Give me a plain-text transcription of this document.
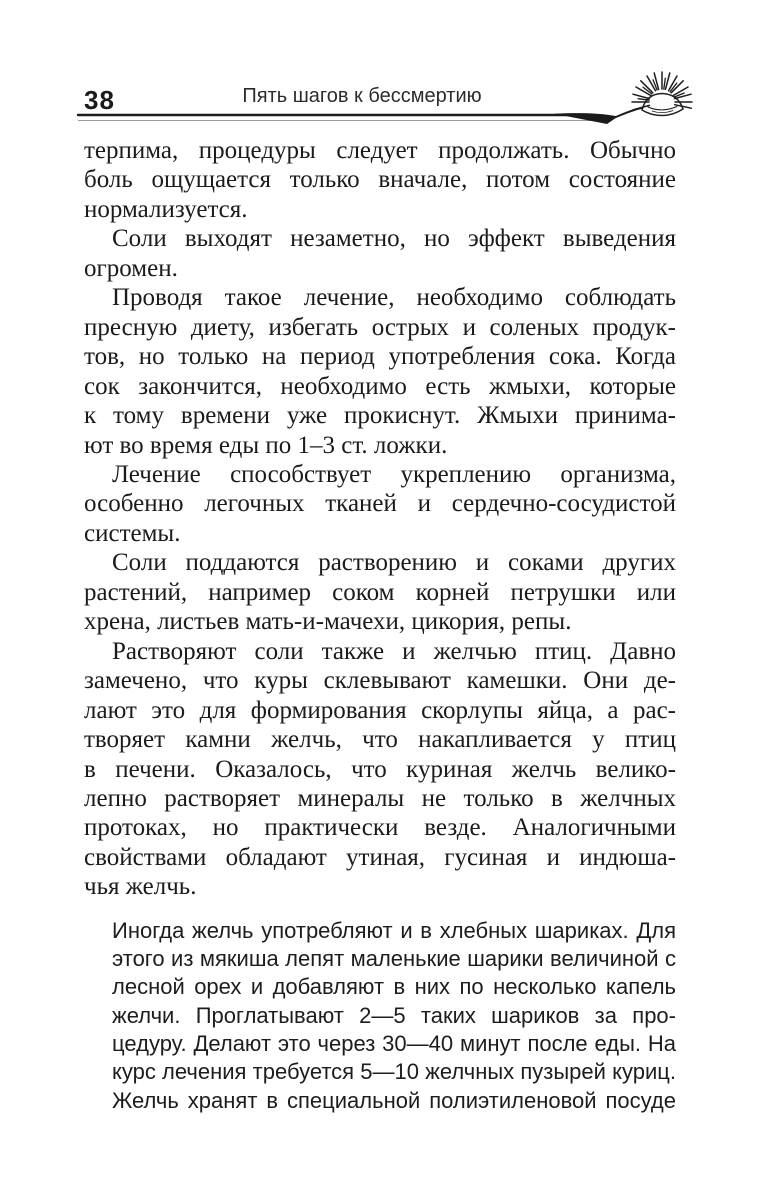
38	Пять шагов к бессмертию
терпима, процедуры следует продолжать. Обычно
боль ощущается только вначале, потом состояние
нормализуется.
Соли выходят незаметно, но эффект выведения
огромен.
Проводя такое лечение, необходимо соблюдать
пресную диету, избегать острых и соленых продук-
тов, но только на период употребления сока. Когда
сок закончится, необходимо есть жмыхи, которые
к тому времени уже прокиснут. Жмыхи принима-
ют во время еды по 1–3 ст. ложки.
Лечение способствует укреплению организма,
особенно легочных тканей и сердечно-сосудистой
системы.
Соли поддаются растворению и соками других
растений, например соком корней петрушки или
хрена, листьев мать-и-мачехи, цикория, репы.
Растворяют соли также и желчью птиц. Давно
замечено, что куры склевывают камешки. Они де-
лают это для формирования скорлупы яйца, а рас-
творяет камни желчь, что накапливается у птиц
в печени. Оказалось, что куриная желчь велико-
лепно растворяет минералы не только в желчных
протоках, но практически везде. Аналогичными
свойствами обладают утиная, гусиная и индюша-
чья желчь.
Иногда желчь употребляют и в хлебных шариках. Для
этого из мякиша лепят маленькие шарики величиной с
лесной орех и добавляют в них по несколько капель
желчи. Проглатывают 2—5 таких шариков за про-
цедуру. Делают это через 30—40 минут после еды. На
курс лечения требуется 5—10 желчных пузырей куриц.
Желчь хранят в специальной полиэтиленовой посуде
